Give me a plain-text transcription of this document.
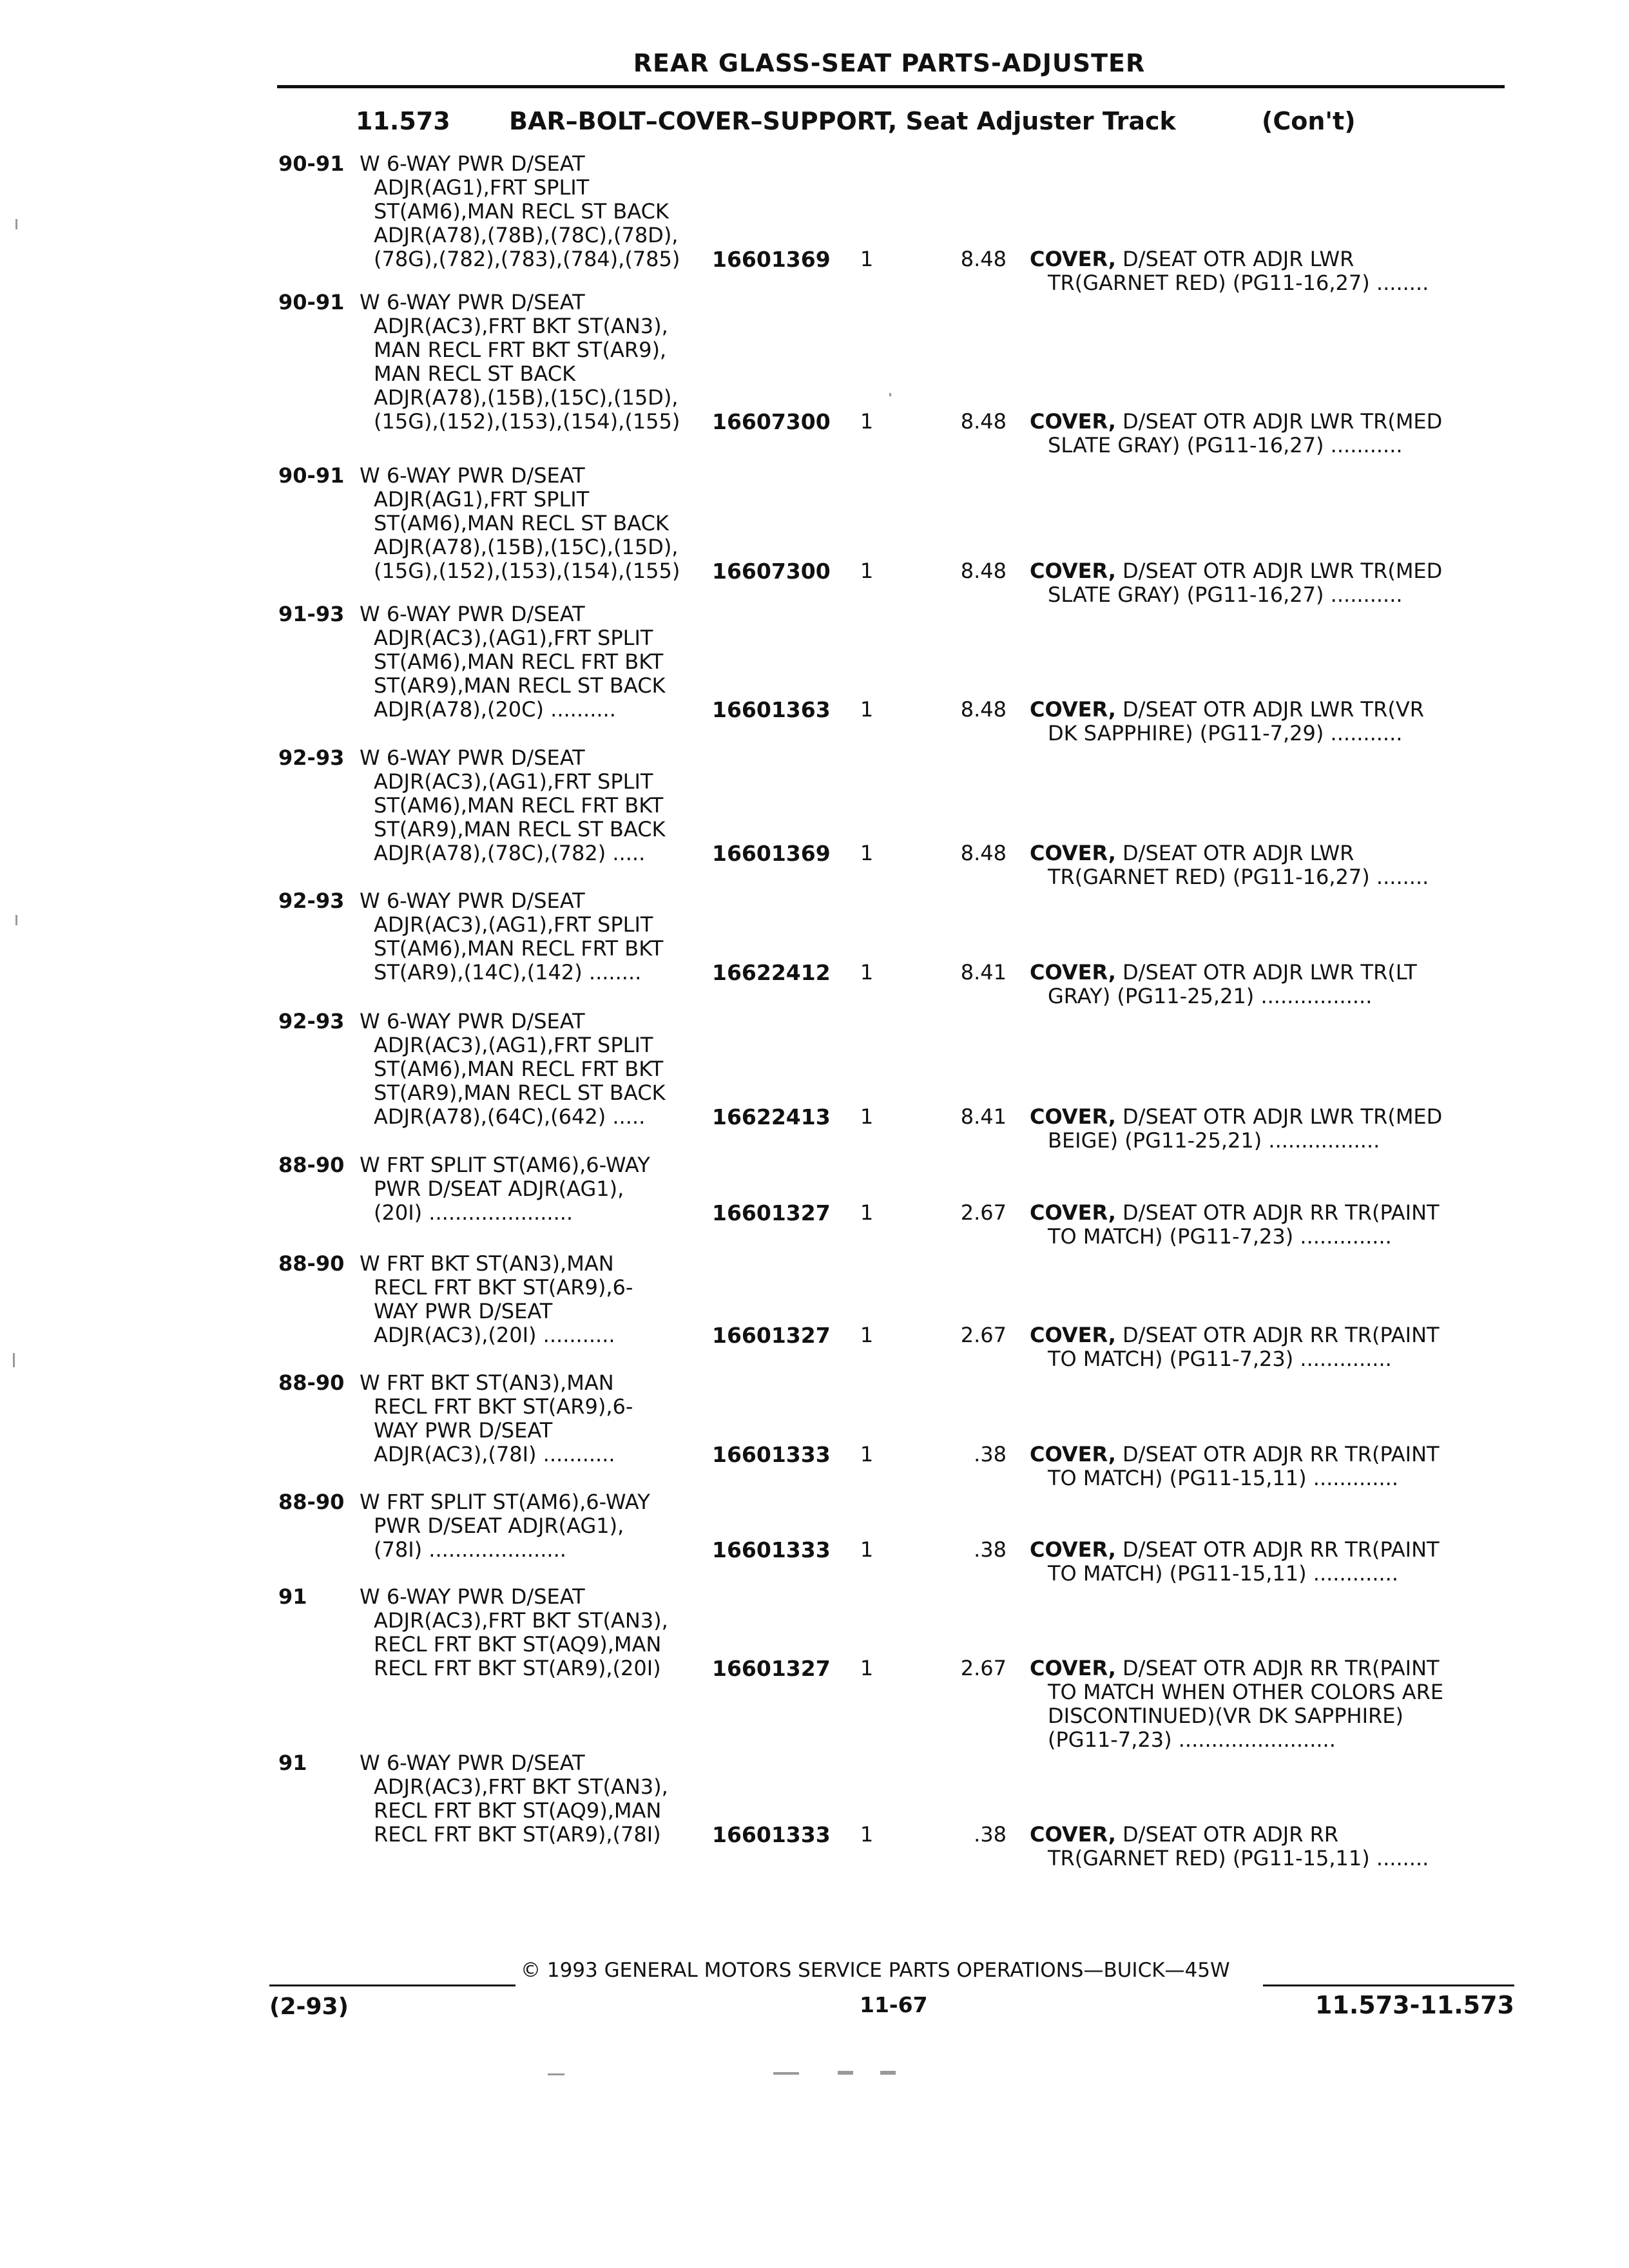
REAR GLASS-SEAT PARTS-ADJUSTER
11.573 BAR–BOLT–COVER–SUPPORT, Seat Adjuster Track	(Con't)
90-91 W 6-WAY PWR D/SEAT
ADJR(AG1),FRT SPLIT
ST(AM6),MAN RECL ST BACK
ADJR(A78),(78B),(78C),(78D),
(78G),(782),(783),(784),(785)	16601369	1	8.48 COVER, D/SEAT OTR ADJR LWR
TR(GARNET RED) (PG11-16,27) ........
90-91 W 6-WAY PWR D/SEAT
ADJR(AC3),FRT BKT ST(AN3),
MAN RECL FRT BKT ST(AR9),
MAN RECL ST BACK
ADJR(A78),(15B),(15C),(15D),
(15G),(152),(153),(154),(155)	16607300	1	8.48 COVER, D/SEAT OTR ADJR LWR TR(MED
SLATE GRAY) (PG11-16,27) ...........
90-91 W 6-WAY PWR D/SEAT
ADJR(AG1),FRT SPLIT
ST(AM6),MAN RECL ST BACK
ADJR(A78),(15B),(15C),(15D),
(15G),(152),(153),(154),(155)	16607300	1	8.48 COVER, D/SEAT OTR ADJR LWR TR(MED
SLATE GRAY) (PG11-16,27) ...........
91-93 W 6-WAY PWR D/SEAT
ADJR(AC3),(AG1),FRT SPLIT
ST(AM6),MAN RECL FRT BKT
ST(AR9),MAN RECL ST BACK
ADJR(A78),(20C) ..........	16601363	1	8.48 COVER, D/SEAT OTR ADJR LWR TR(VR
DK SAPPHIRE) (PG11-7,29) ...........
92-93 W 6-WAY PWR D/SEAT
ADJR(AC3),(AG1),FRT SPLIT
ST(AM6),MAN RECL FRT BKT
ST(AR9),MAN RECL ST BACK
ADJR(A78),(78C),(782) .....	16601369	1	8.48 COVER, D/SEAT OTR ADJR LWR
TR(GARNET RED) (PG11-16,27) ........
92-93 W 6-WAY PWR D/SEAT
ADJR(AC3),(AG1),FRT SPLIT
ST(AM6),MAN RECL FRT BKT
ST(AR9),(14C),(142) ........	16622412	1	8.41 COVER, D/SEAT OTR ADJR LWR TR(LT
GRAY) (PG11-25,21) .................
92-93 W 6-WAY PWR D/SEAT
ADJR(AC3),(AG1),FRT SPLIT
ST(AM6),MAN RECL FRT BKT
ST(AR9),MAN RECL ST BACK
ADJR(A78),(64C),(642) .....	16622413	1	8.41 COVER, D/SEAT OTR ADJR LWR TR(MED
BEIGE) (PG11-25,21) .................
88-90 W FRT SPLIT ST(AM6),6-WAY
PWR D/SEAT ADJR(AG1),
(20I) ......................	16601327	1	2.67 COVER, D/SEAT OTR ADJR RR TR(PAINT
TO MATCH) (PG11-7,23) ..............
88-90 W FRT BKT ST(AN3),MAN
RECL FRT BKT ST(AR9),6-
WAY PWR D/SEAT
ADJR(AC3),(20I) ...........	16601327	1	2.67 COVER, D/SEAT OTR ADJR RR TR(PAINT
TO MATCH) (PG11-7,23) ..............
88-90 W FRT BKT ST(AN3),MAN
RECL FRT BKT ST(AR9),6-
WAY PWR D/SEAT
ADJR(AC3),(78I) ...........	16601333	1	.38 COVER, D/SEAT OTR ADJR RR TR(PAINT
TO MATCH) (PG11-15,11) .............
88-90 W FRT SPLIT ST(AM6),6-WAY
PWR D/SEAT ADJR(AG1),
(78I) .....................	16601333	1	.38 COVER, D/SEAT OTR ADJR RR TR(PAINT
TO MATCH) (PG11-15,11) .............
91	W 6-WAY PWR D/SEAT
ADJR(AC3),FRT BKT ST(AN3),
RECL FRT BKT ST(AQ9),MAN
RECL FRT BKT ST(AR9),(20I)	16601327	1	2.67 COVER, D/SEAT OTR ADJR RR TR(PAINT
TO MATCH WHEN OTHER COLORS ARE
DISCONTINUED)(VR DK SAPPHIRE)
(PG11-7,23) ........................
91	W 6-WAY PWR D/SEAT
ADJR(AC3),FRT BKT ST(AN3),
RECL FRT BKT ST(AQ9),MAN
RECL FRT BKT ST(AR9),(78I)	16601333	1	.38 COVER, D/SEAT OTR ADJR RR
TR(GARNET RED) (PG11-15,11) ........
© 1993 GENERAL MOTORS SERVICE PARTS OPERATIONS—BUICK—45W
(2-93)	11-67	11.573-11.573
